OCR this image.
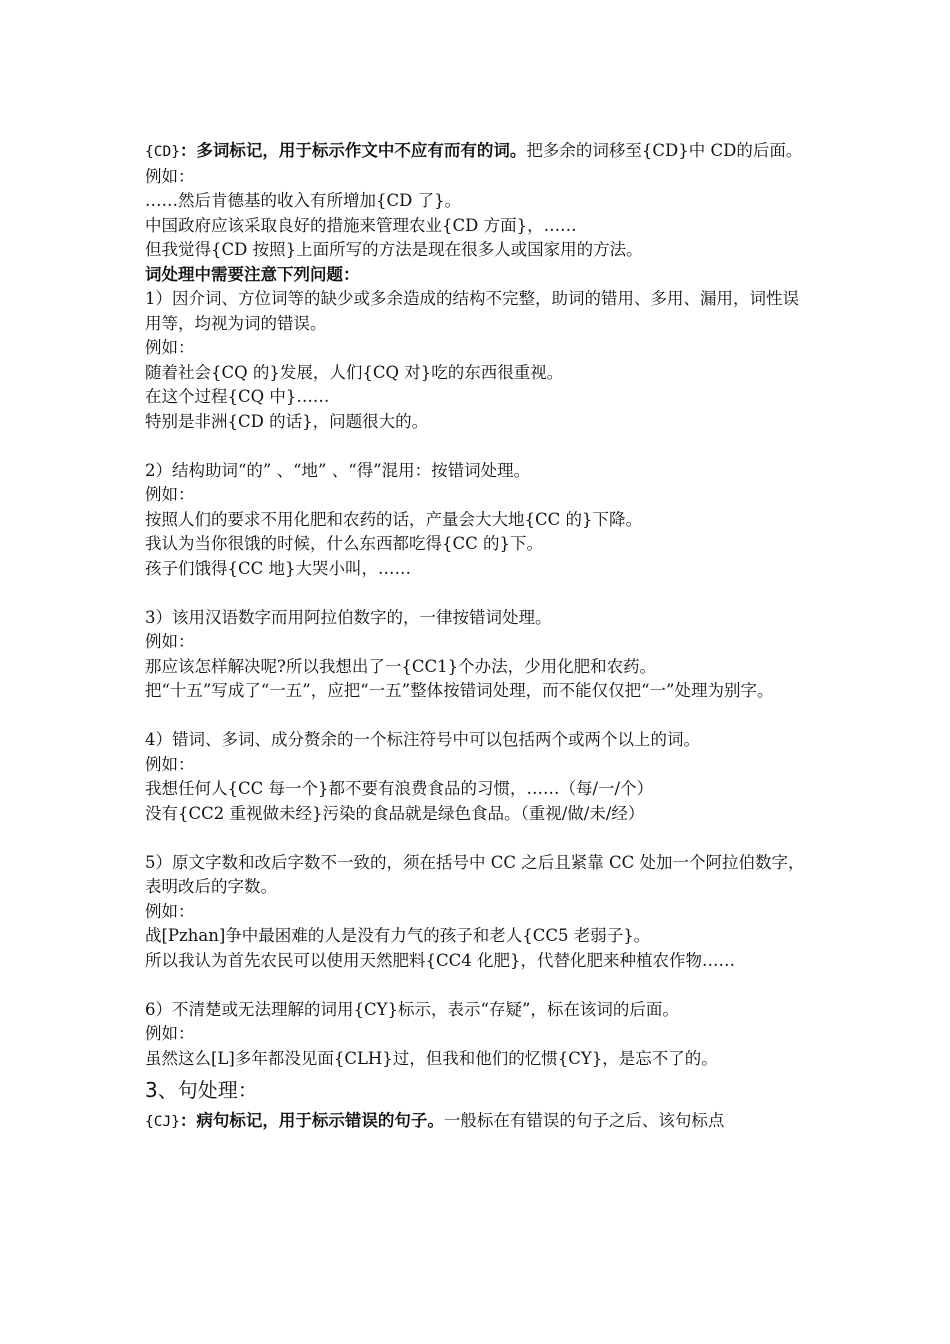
{CD}：多词标记，用于标示作文中不应有而有的词。把多余的词移至{CD}中 CD的后面。
例如：
……然后肯德基的收入有所增加{CD 了}。
中国政府应该采取良好的措施来管理农业{CD 方面}，……
但我觉得{CD 按照}上面所写的方法是现在很多人或国家用的方法。
词处理中需要注意下列问题：
1）因介词、方位词等的缺少或多余造成的结构不完整，助词的错用、多用、漏用，词性误用等，均视为词的错误。
例如：
随着社会{CQ 的}发展，人们{CQ 对}吃的东西很重视。
在这个过程{CQ 中}……
特别是非洲{CD 的话}，问题很大的。
2）结构助词“的” 、“地” 、“得”混用：按错词处理。
例如：
按照人们的要求不用化肥和农药的话，产量会大大地{CC 的}下降。
我认为当你很饿的时候，什么东西都吃得{CC 的}下。
孩子们饿得{CC 地}大哭小叫，……
3）该用汉语数字而用阿拉伯数字的，一律按错词处理。
例如：
那应该怎样解决呢?所以我想出了一{CC1}个办法，少用化肥和农药。
把“十五”写成了“一五”，应把“一五”整体按错词处理，而不能仅仅把“一”处理为别字。
4）错词、多词、成分赘余的一个标注符号中可以包括两个或两个以上的词。
例如：
我想任何人{CC 每一个}都不要有浪费食品的习惯，……（每/一/个）
没有{CC2 重视做未经}污染的食品就是绿色食品。（重视/做/未/经）
5）原文字数和改后字数不一致的，须在括号中 CC 之后且紧靠 CC 处加一个阿拉伯数字，表明改后的字数。
例如：
战[Pzhan]争中最困难的人是没有力气的孩子和老人{CC5 老弱子}。
所以我认为首先农民可以使用天然肥料{CC4 化肥}，代替化肥来种植农作物……
6）不清楚或无法理解的词用{CY}标示，表示“存疑”，标在该词的后面。
例如：
虽然这么[L]多年都没见面{CLH}过，但我和他们的忆惯{CY}，是忘不了的。
3、句处理：
{CJ}：病句标记，用于标示错误的句子。一般标在有错误的句子之后、该句标点
